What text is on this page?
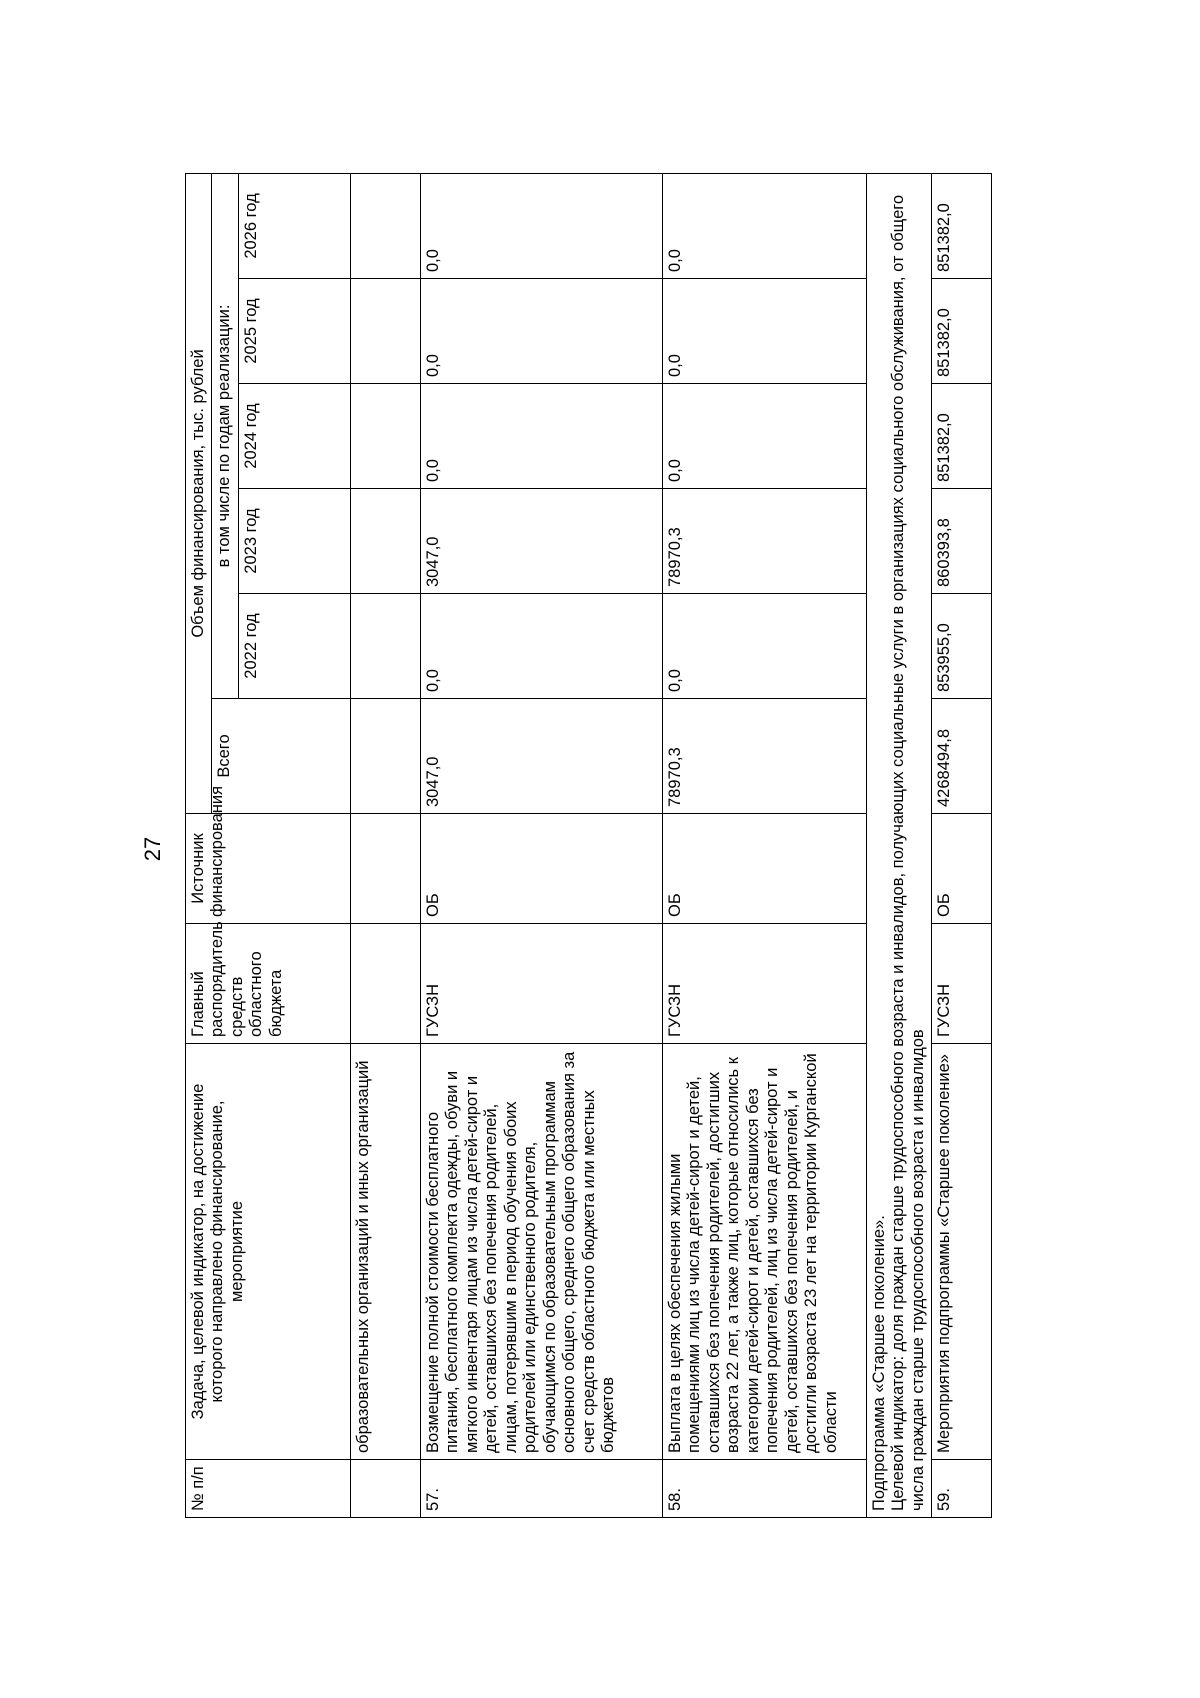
27
№ п/п	Задача, целевой индикатор, на достижение которого направлено финансирование, мероприятие	Главный распорядитель средств областного бюджета	Источник финансирования	Объем финансирования, тыс. рублей					
				Всего	в том числе по годам реализации:				
					2022 год	2023 год	2024 год	2025 год	2026 год
	образовательных организаций и иных организаций								
57.	Возмещение полной стоимости бесплатного питания, бесплатного комплекта одежды, обуви и мягкого инвентаря лицам из числа детей-сирот и детей, оставшихся без попечения родителей, лицам, потерявшим в период обучения обоих родителей или единственного родителя, обучающимся по образовательным программам основного общего, среднего общего образования за счет средств областного бюджета или местных бюджетов	ГУСЗН	ОБ	3047,0	0,0	3047,0	0,0	0,0	0,0
58.	Выплата в целях обеспечения жилыми помещениями лиц из числа детей-сирот и детей, оставшихся без попечения родителей, достигших возраста 22 лет, а также лиц, которые относились к категории детей-сирот и детей, оставшихся без попечения родителей, лиц из числа детей-сирот и детей, оставшихся без попечения родителей, и достигли возраста 23 лет на территории Курганской области	ГУСЗН	ОБ	78970,3	0,0	78970,3	0,0	0,0	0,0

Подпрограмма «Старшее поколение». Целевой индикатор: доля граждан старше трудоспособного возраста и инвалидов, получающих социальные услуги в организациях социального обслуживания, от общего числа граждан старше трудоспособного возраста и инвалидов									

59.	Мероприятия подпрограммы «Старшее поколение»	ГУСЗН	ОБ	4268494,8	853955,0	860393,8	851382,0	851382,0	851382,0
